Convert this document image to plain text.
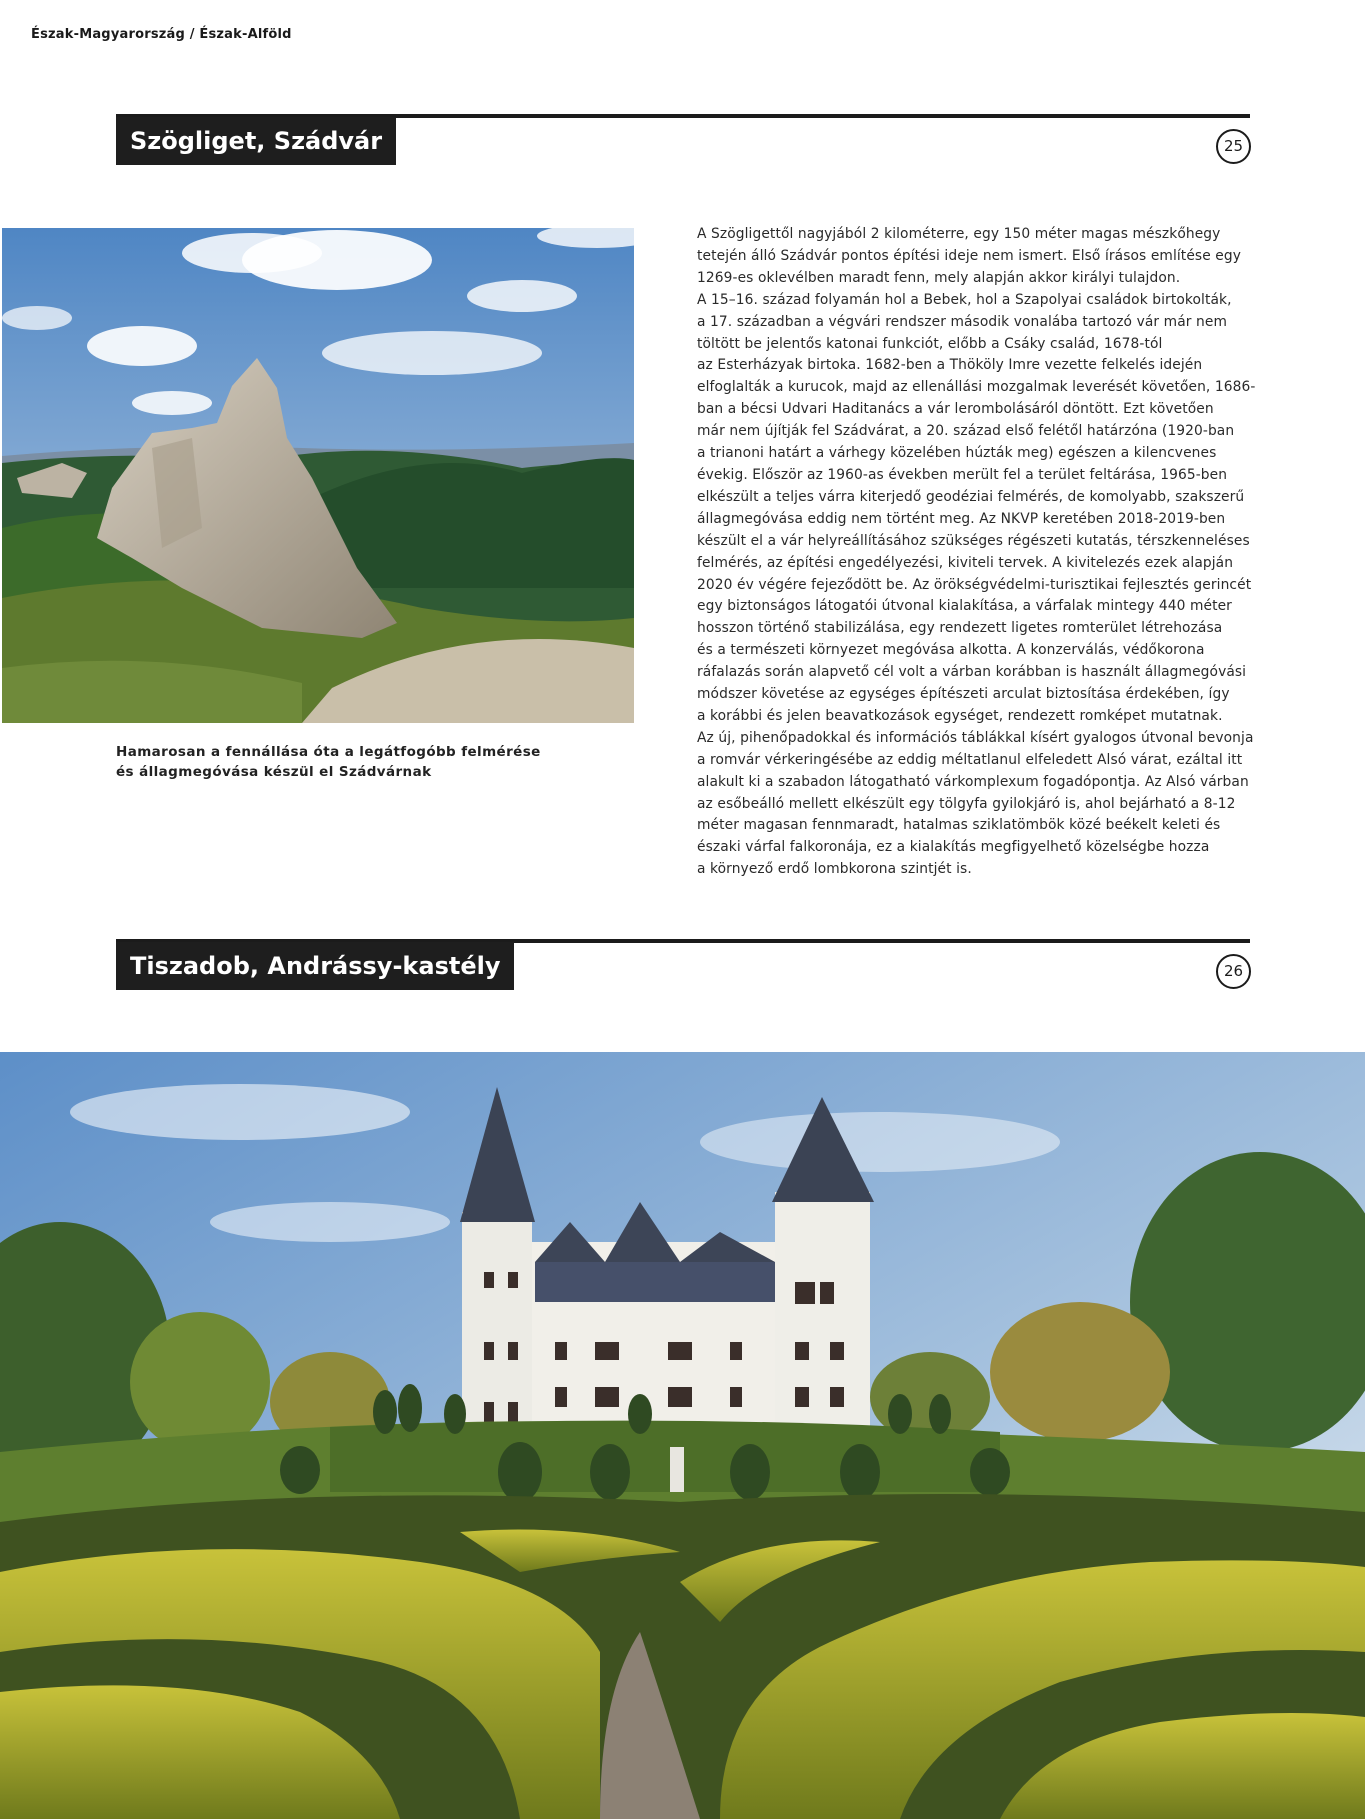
Észak-Magyarország / Észak-Alföld
Szögliget, Szádvár	25
Hamarosan a fennállása óta a legátfogóbb felmérése
és állagmegóvása készül el Szádvárnak

A Szögligettől nagyjából 2 kilométerre, egy 150 méter magas mészkőhegy

tetején álló Szádvár pontos építési ideje nem ismert. Első írásos említése egy

1269-es oklevélben maradt fenn, mely alapján akkor királyi tulajdon.

A 15–16. század folyamán hol a Bebek, hol a Szapolyai családok birtokolták,

a 17. században a végvári rendszer második vonalába tartozó vár már nem

töltött be jelentős katonai funkciót, előbb a Csáky család, 1678-tól

az Esterházyak birtoka. 1682-ben a Thököly Imre vezette felkelés idején

elfoglalták a kurucok, majd az ellenállási mozgalmak leverését követően, 1686-

ban a bécsi Udvari Haditanács a vár lerombolásáról döntött. Ezt követően

már nem újítják fel Szádvárat, a 20. század első felétől határzóna (1920-ban

a trianoni határt a várhegy közelében húzták meg) egészen a kilencvenes

évekig. Először az 1960-as években merült fel a terület feltárása, 1965-ben

elkészült a teljes várra kiterjedő geodéziai felmérés, de komolyabb, szakszerű

állagmegóvása eddig nem történt meg. Az NKVP keretében 2018-2019-ben

készült el a vár helyreállításához szükséges régészeti kutatás, térszkenneléses

felmérés, az építési engedélyezési, kiviteli tervek. A kivitelezés ezek alapján

2020 év végére fejeződött be. Az örökségvédelmi-turisztikai fejlesztés gerincét

egy biztonságos látogatói útvonal kialakítása, a várfalak mintegy 440 méter

hosszon történő stabilizálása, egy rendezett ligetes romterület létrehozása

és a természeti környezet megóvása alkotta. A konzerválás, védőkorona

ráfalazás során alapvető cél volt a várban korábban is használt állagmegóvási

módszer követése az egységes építészeti arculat biztosítása érdekében, így

a korábbi és jelen beavatkozások egységet, rendezett romképet mutatnak.

Az új, pihenőpadokkal és információs táblákkal kísért gyalogos útvonal bevonja

a romvár vérkeringésébe az eddig méltatlanul elfeledett Alsó várat, ezáltal itt

alakult ki a szabadon látogatható várkomplexum fogadópontja. Az Alsó várban

az esőbeálló mellett elkészült egy tölgyfa gyilokjáró is, ahol bejárható a 8-12

méter magasan fennmaradt, hatalmas sziklatömbök közé beékelt keleti és

északi várfal falkoronája, ez a kialakítás megfigyelhető közelségbe hozza

a környező erdő lombkorona szintjét is.

Tiszadob, Andrássy-kastély	26
